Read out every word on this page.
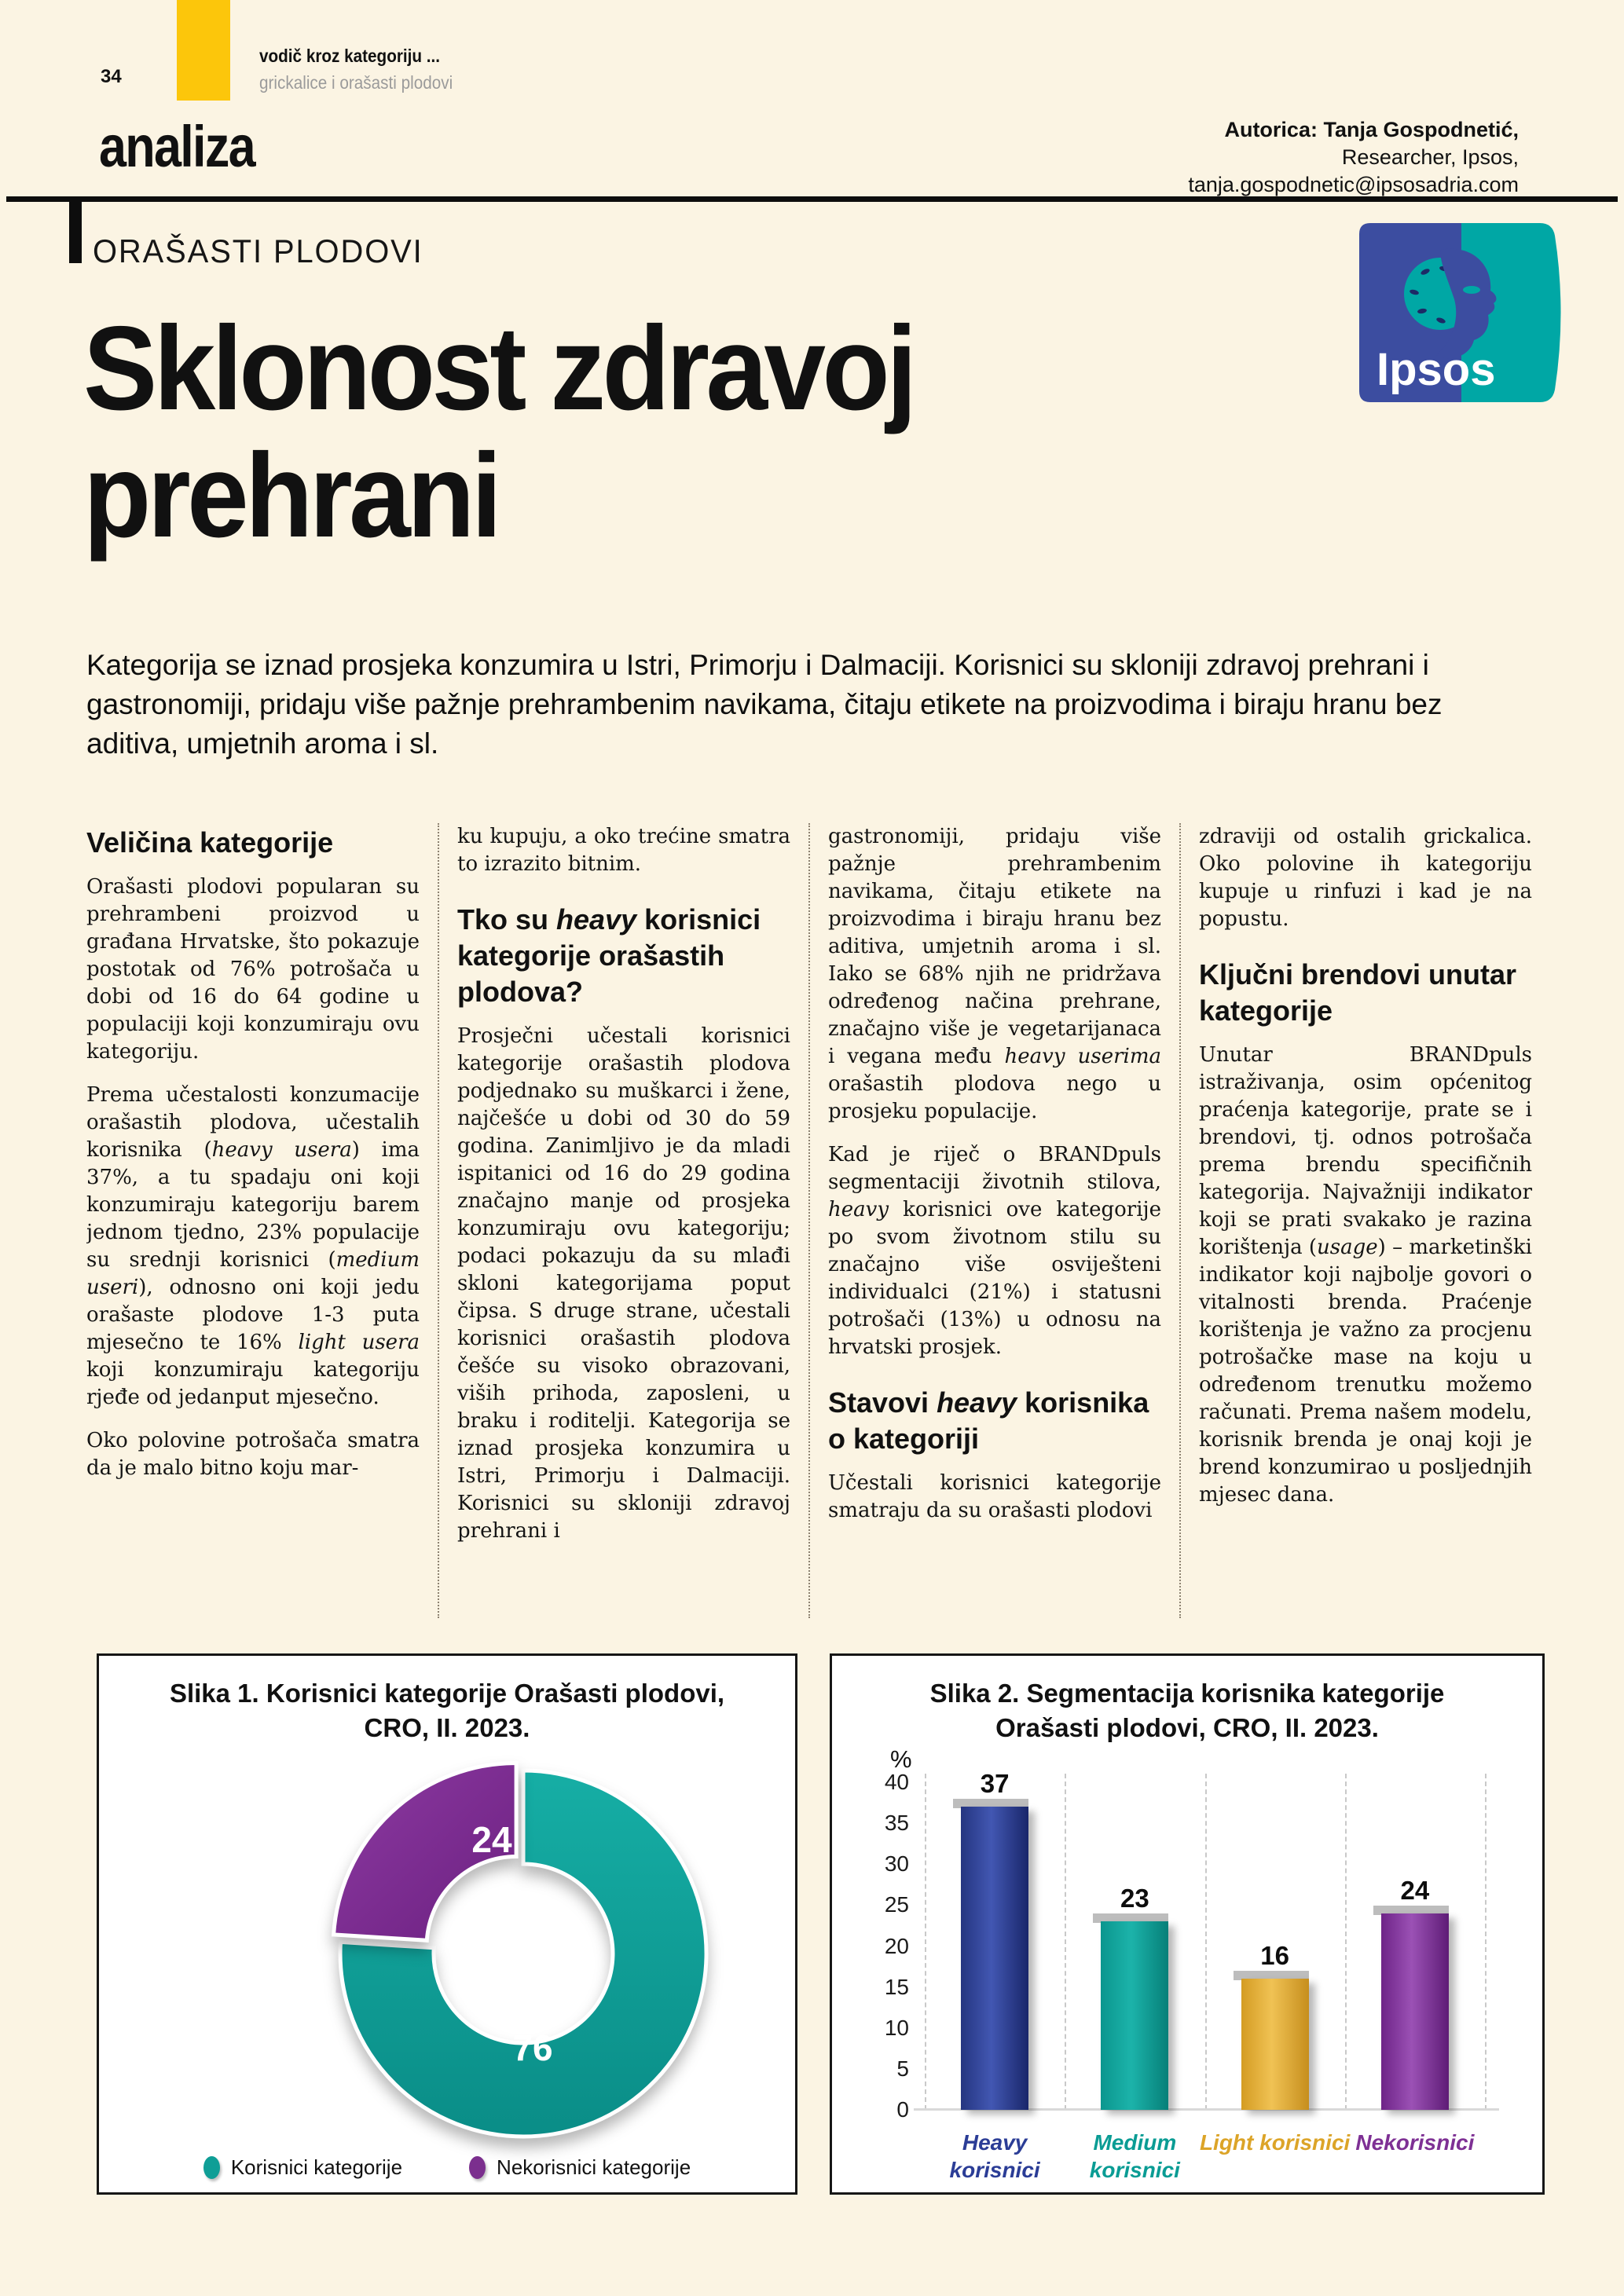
34
vodič kroz kategoriju ...
grickalice i orašasti plodovi
analiza	Autorica: Tanja Gospodnetić,
Researcher, Ipsos,
tanja.gospodnetic@ipsosadria.com
ORAŠASTI PLODOVI
Ipsos
Sklonost zdravoj
prehrani

Kategorija se iznad prosjeka konzumira u Istri, Primorju i Dalmaciji. Korisnici su skloniji zdravoj prehrani i gastronomiji, pridaju više pažnje prehrambenim navikama, čitaju etikete na proizvodima i biraju hranu bez aditiva, umjetnih aroma i sl.

Veličina kategorije

Orašasti plodovi popularan su prehrambeni proizvod u građana Hrvatske, što pokazuje postotak od 76% potrošača u dobi od 16 do 64 godine u populaciji koji konzumiraju ovu kategoriju.

Prema učestalosti konzumacije orašastih plodova, učestalih korisnika (heavy usera) ima 37%, a tu spadaju oni koji konzumiraju kategoriju barem jednom tjedno, 23% populacije su srednji korisnici (medium useri), odnosno oni koji jedu orašaste plodove 1-3 puta mjesečno te 16% light usera koji konzumiraju kategoriju rjeđe od jedanput mjesečno.

Oko polovine potrošača smatra da je malo bitno koju mar-

ku kupuju, a oko trećine smatra to izrazito bitnim.

Tko su heavy korisnici kategorije orašastih plodova?

Prosječni učestali korisnici kategorije orašastih plodova podjednako su muškarci i žene, najčešće u dobi od 30 do 59 godina. Zanimljivo je da mladi ispitanici od 16 do 29 godina značajno manje od prosjeka konzumiraju ovu kategoriju; podaci pokazuju da su mlađi skloni kategorijama poput čipsa. S druge strane, učestali korisnici orašastih plodova češće su visoko obrazovani, viših prihoda, zaposleni, u braku i roditelji. Kategorija se iznad prosjeka konzumira u Istri, Primorju i Dalmaciji. Korisnici su skloniji zdravoj prehrani i

gastronomiji, pridaju više pažnje prehrambenim navikama, čitaju etikete na proizvodima i biraju hranu bez aditiva, umjetnih aroma i sl. Iako se 68% njih ne pridržava određenog načina prehrane, značajno više je vegetarijanaca i vegana među heavy userima orašastih plodova nego u prosjeku populacije.

Kad je riječ o BRANDpuls segmentaciji životnih stilova, heavy korisnici ove kategorije po svom životnom stilu su značajno više osviješteni individualci (21%) i statusni potrošači (13%) u odnosu na hrvatski prosjek.

Stavovi heavy korisnika o kategoriji

Učestali korisnici kategorije smatraju da su orašasti plodovi

zdraviji od ostalih grickalica. Oko polovine ih kategoriju kupuje u rinfuzi i kad je na popustu.

Ključni brendovi unutar kategorije

Unutar BRANDpuls istraživanja, osim općenitog praćenja kategorije, prate se i brendovi, tj. odnos potrošača prema brendu specifičnih kategorija. Najvažniji indikator koji se prati svakako je razina korištenja (usage) – marketinški indikator koji najbolje govori o vitalnosti brenda. Praćenje korištenja je važno za procjenu potrošačke mase na koju u određenom trenutku možemo računati. Prema našem modelu, korisnik brenda je onaj koji je brend konzumirao u posljednjih mjesec dana.

Slika 1. Korisnici kategorije Orašasti plodovi,
CRO, II. 2023.
76
24
Korisnici kategorije	Nekorisnici kategorije
Slika 2. Segmentacija korisnika kategorije
Orašasti plodovi, CRO, II. 2023.
%
0
5
10
15
20
25
30
35
40	37
Heavy
korisnici
23
Medium
korisnici
16
Light korisnici
24
Nekorisnici
